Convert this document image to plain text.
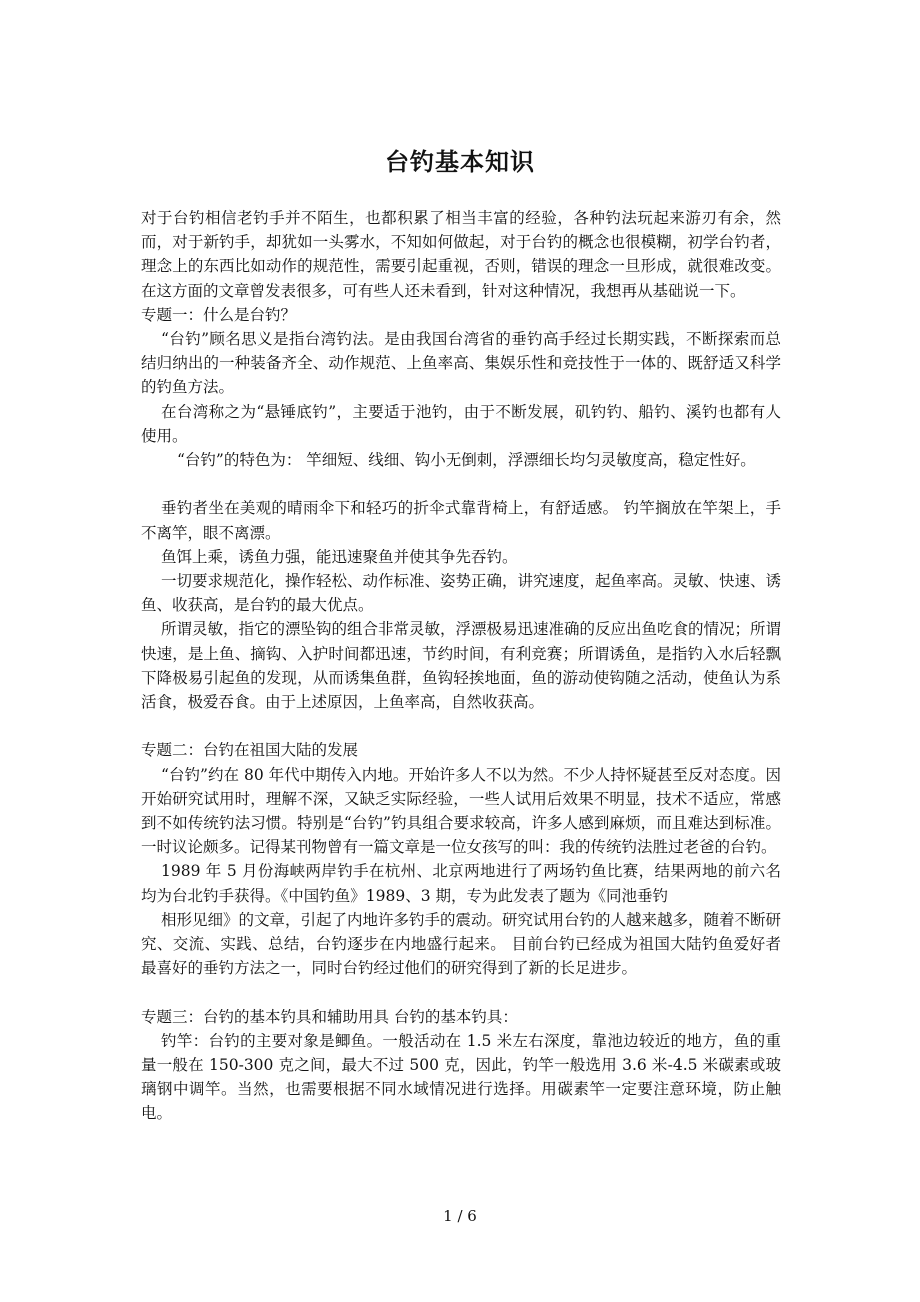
台钓基本知识

对于台钓相信老钓手并不陌生，也都积累了相当丰富的经验，各种钓法玩起来游刃有余，然而，对于新钓手，却犹如一头雾水，不知如何做起，对于台钓的概念也很模糊，初学台钓者，理念上的东西比如动作的规范性，需要引起重视，否则，错误的理念一旦形成，就很难改变。在这方面的文章曾发表很多，可有些人还未看到，针对这种情况，我想再从基础说一下。

专题一：什么是台钓？

“台钓”顾名思义是指台湾钓法。是由我国台湾省的垂钓高手经过长期实践，不断探索而总结归纳出的一种装备齐全、动作规范、上鱼率高、集娱乐性和竞技性于一体的、既舒适又科学的钓鱼方法。

在台湾称之为“悬锤底钓”，主要适于池钓，由于不断发展，矶钓钓、船钓、溪钓也都有人使用。

“台钓”的特色为： 竿细短、线细、钩小无倒刺，浮漂细长均匀灵敏度高，稳定性好。

垂钓者坐在美观的晴雨伞下和轻巧的折伞式靠背椅上，有舒适感。 钓竿搁放在竿架上，手不离竿，眼不离漂。

鱼饵上乘，诱鱼力强，能迅速聚鱼并使其争先吞钓。

一切要求规范化，操作轻松、动作标准、姿势正确，讲究速度，起鱼率高。灵敏、快速、诱鱼、收获高，是台钓的最大优点。

所谓灵敏，指它的漂坠钩的组合非常灵敏，浮漂极易迅速准确的反应出鱼吃食的情况；所谓快速，是上鱼、摘钩、入护时间都迅速，节约时间，有利竞赛；所谓诱鱼，是指钓入水后轻飘下降极易引起鱼的发现，从而诱集鱼群，鱼钩轻挨地面，鱼的游动使钩随之活动，使鱼认为系活食，极爱吞食。由于上述原因，上鱼率高，自然收获高。

专题二：台钓在祖国大陆的发展

“台钓”约在 80 年代中期传入内地。开始许多人不以为然。不少人持怀疑甚至反对态度。因开始研究试用时，理解不深，又缺乏实际经验，一些人试用后效果不明显，技术不适应，常感到不如传统钓法习惯。特别是“台钓”钓具组合要求较高，许多人感到麻烦，而且难达到标准。一时议论颇多。记得某刊物曾有一篇文章是一位女孩写的叫：我的传统钓法胜过老爸的台钓。

1989 年 5 月份海峡两岸钓手在杭州、北京两地进行了两场钓鱼比赛，结果两地的前六名均为台北钓手获得。《中国钓鱼》1989、3 期，专为此发表了题为《同池垂钓

相形见细》的文章，引起了内地许多钓手的震动。研究试用台钓的人越来越多，随着不断研究、交流、实践、总结，台钓逐步在内地盛行起来。 目前台钓已经成为祖国大陆钓鱼爱好者最喜好的垂钓方法之一，同时台钓经过他们的研究得到了新的长足进步。

专题三：台钓的基本钓具和辅助用具 台钓的基本钓具：

钓竿：台钓的主要对象是鲫鱼。一般活动在 1.5 米左右深度，靠池边较近的地方，鱼的重量一般在 150-300 克之间，最大不过 500 克，因此，钓竿一般选用 3.6 米-4.5 米碳素或玻璃钢中调竿。当然，也需要根据不同水域情况进行选择。用碳素竿一定要注意环境，防止触电。

1 / 6
